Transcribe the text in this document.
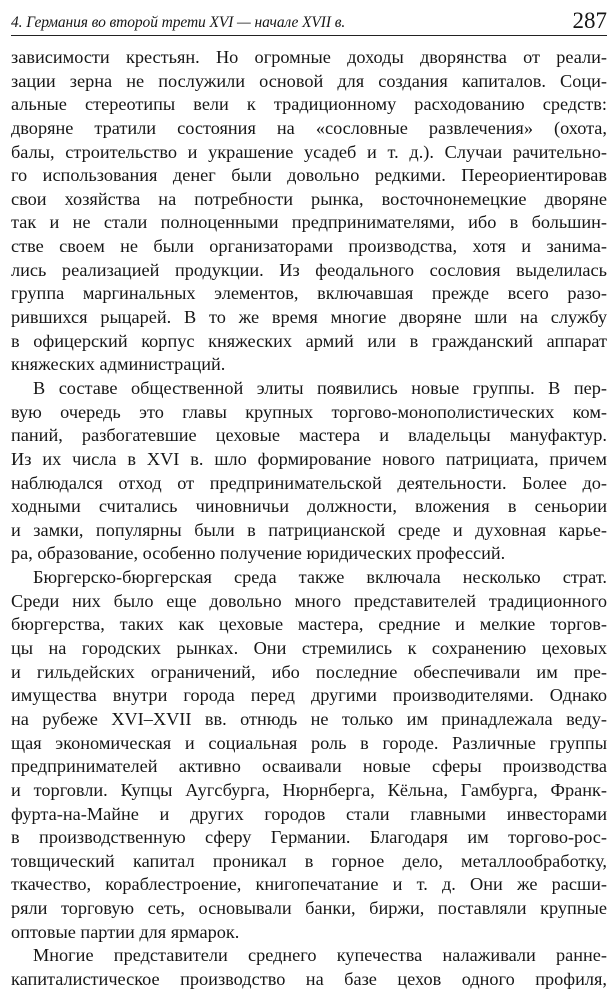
4. Германия во второй трети XVI — начале XVII в.	287
зависимости крестьян. Но огромные доходы дворянства от реали-
зации зерна не послужили основой для создания капиталов. Соци-
альные стереотипы вели к традиционному расходованию средств:
дворяне тратили состояния на «сословные развлечения» (охота,
балы, строительство и украшение усадеб и т. д.). Случаи рачительно-
го использования денег были довольно редкими. Переориентировав
свои хозяйства на потребности рынка, восточнонемецкие дворяне
так и не стали полноценными предпринимателями, ибо в большин-
стве своем не были организаторами производства, хотя и занима-
лись реализацией продукции. Из феодального сословия выделилась
группа маргинальных элементов, включавшая прежде всего разо-
рившихся рыцарей. В то же время многие дворяне шли на службу
в офицерский корпус княжеских армий или в гражданский аппарат
княжеских администраций.
В составе общественной элиты появились новые группы. В пер-
вую очередь это главы крупных торгово-монополистических ком-
паний, разбогатевшие цеховые мастера и владельцы мануфактур.
Из их числа в XVI в. шло формирование нового патрициата, причем
наблюдался отход от предпринимательской деятельности. Более до-
ходными считались чиновничьи должности, вложения в сеньории
и замки, популярны были в патрицианской среде и духовная карье-
ра, образование, особенно получение юридических профессий.
Бюргерско-бюргерская среда также включала несколько страт.
Среди них было еще довольно много представителей традиционного
бюргерства, таких как цеховые мастера, средние и мелкие торгов-
цы на городских рынках. Они стремились к сохранению цеховых
и гильдейских ограничений, ибо последние обеспечивали им пре-
имущества внутри города перед другими производителями. Однако
на рубеже XVI–XVII вв. отнюдь не только им принадлежала веду-
щая экономическая и социальная роль в городе. Различные группы
предпринимателей активно осваивали новые сферы производства
и торговли. Купцы Аугсбурга, Нюрнберга, Кёльна, Гамбурга, Франк-
фурта-на-Майне и других городов стали главными инвесторами
в производственную сферу Германии. Благодаря им торгово-рос-
товщический капитал проникал в горное дело, металлообработку,
ткачество, кораблестроение, книгопечатание и т. д. Они же расши-
ряли торговую сеть, основывали банки, биржи, поставляли крупные
оптовые партии для ярмарок.
Многие представители среднего купечества налаживали ранне-
капиталистическое производство на базе цехов одного профиля,
